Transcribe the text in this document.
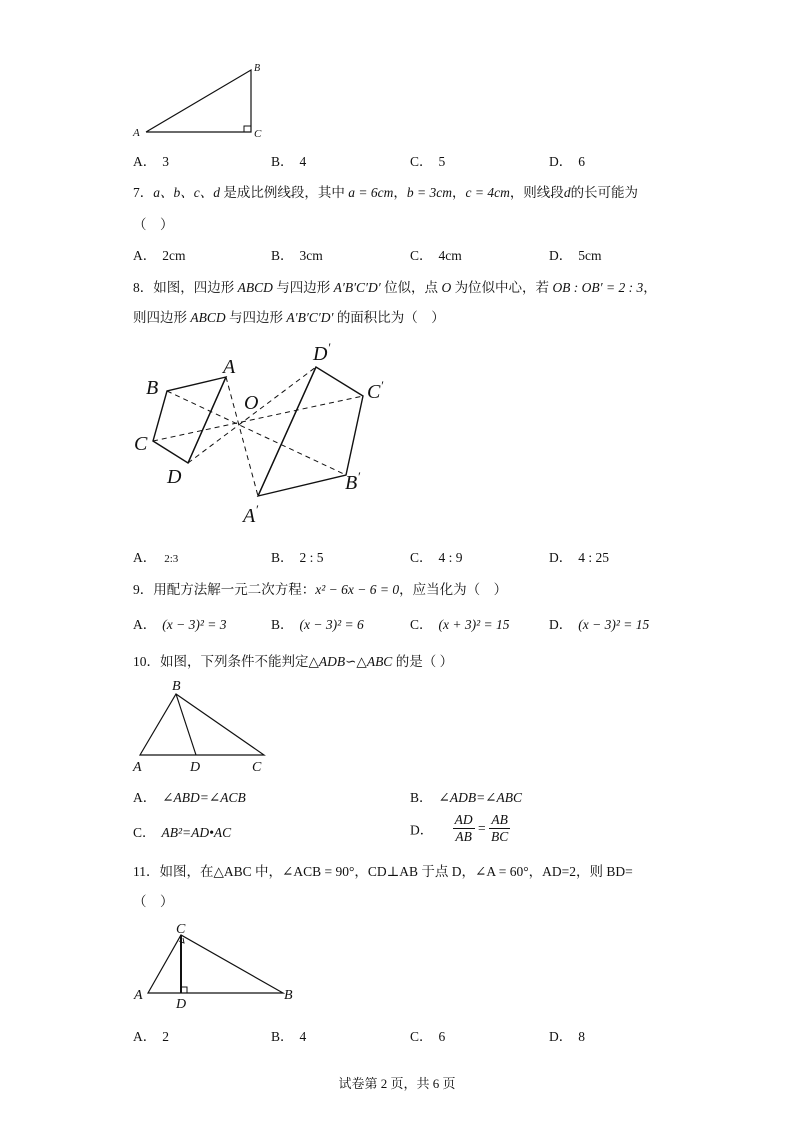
A
B
C
A． 3	B． 4	C． 5	D． 6
7．a、b、c、d 是成比例线段，其中 a = 6cm，b = 3cm，c = 4cm，则线段d的长可能为
（　）
A． 2cm	B． 3cm	C． 4cm	D． 5cm
8．如图，四边形 ABCD 与四边形 A′B′C′D′ 位似，点 O 为位似中心，若 OB : OB′ = 2 : 3，
则四边形 ABCD 与四边形 A′B′C′D′ 的面积比为（　）
A
B
C
D
O
D′
C′
B′
A′
A． 2:3	B． 2 : 5	C． 4 : 9	D． 4 : 25
9．用配方法解一元二次方程：x² − 6x − 6 = 0，应当化为（　）
A． (x − 3)² = 3	B． (x − 3)² = 6	C． (x + 3)² = 15	D． (x − 3)² = 15
10．如图，下列条件不能判定△ADB∽△ABC 的是（ ）
B
A	D	C
A． ∠ABD=∠ACB	B． ∠ADB=∠ABC
C． AB²=AD•AC	D． $\frac{AD}{AB} = \frac{AB}{BC}$
11．如图，在△ABC 中，∠ACB = 90°，CD⊥AB 于点 D，∠A = 60°，AD=2，则 BD=
（　）
C
A
D
B
A． 2	B． 4	C． 6	D． 8
试卷第 2 页，共 6 页
